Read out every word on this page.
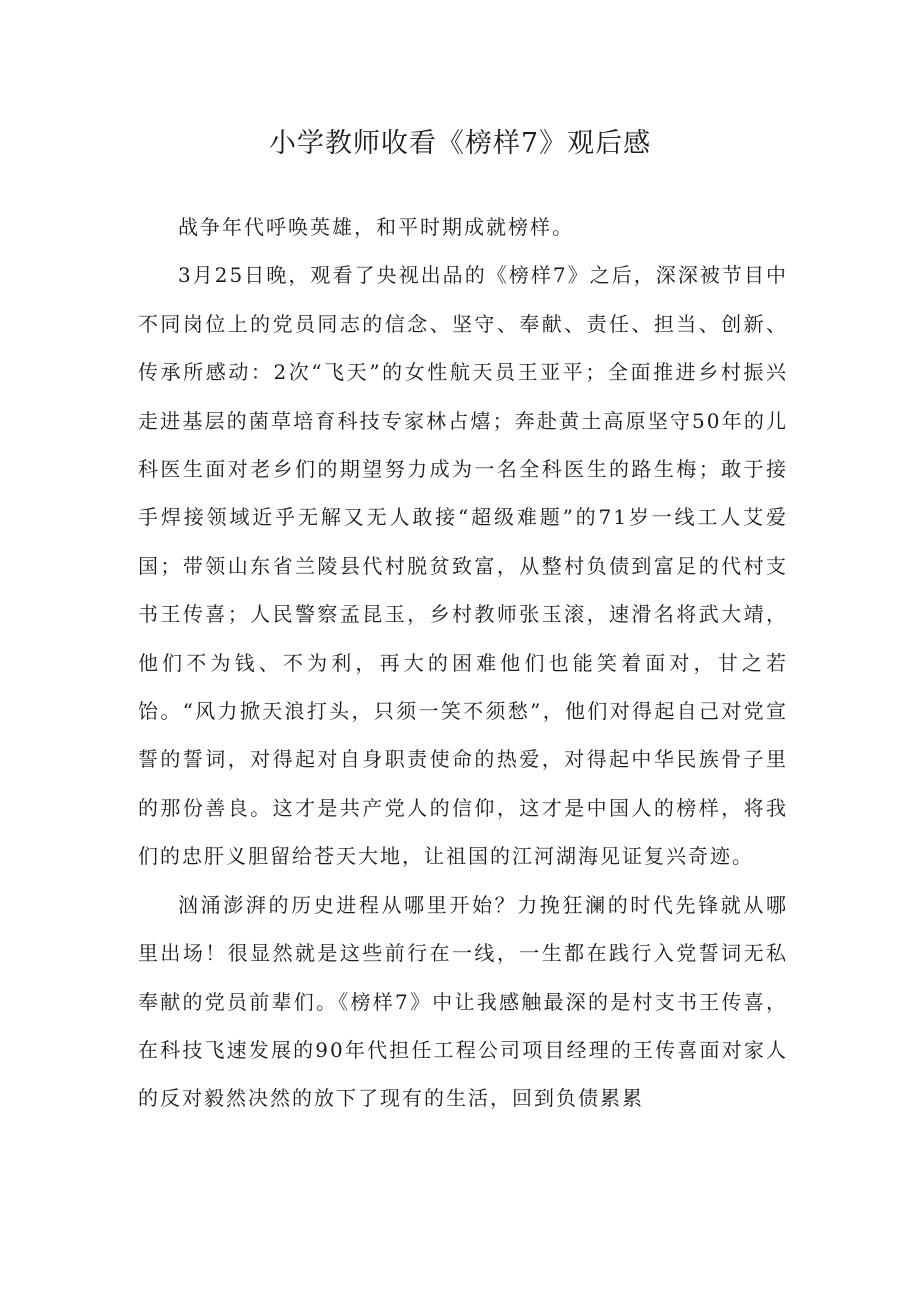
小学教师收看《榜样7》观后感

战争年代呼唤英雄，和平时期成就榜样。

3月25日晚，观看了央视出品的《榜样7》之后，深深被节目中不同岗位上的党员同志的信念、坚守、奉献、责任、担当、创新、传承所感动：2次“飞天”的女性航天员王亚平；全面推进乡村振兴走进基层的菌草培育科技专家林占熺；奔赴黄土高原坚守50年的儿科医生面对老乡们的期望努力成为一名全科医生的路生梅；敢于接手焊接领域近乎无解又无人敢接“超级难题”的71岁一线工人艾爱国；带领山东省兰陵县代村脱贫致富，从整村负债到富足的代村支书王传喜；人民警察孟昆玉，乡村教师张玉滚，速滑名将武大靖，他们不为钱、不为利，再大的困难他们也能笑着面对，甘之若饴。“风力掀天浪打头，只须一笑不须愁”，他们对得起自己对党宣誓的誓词，对得起对自身职责使命的热爱，对得起中华民族骨子里的那份善良。这才是共产党人的信仰，这才是中国人的榜样，将我们的忠肝义胆留给苍天大地，让祖国的江河湖海见证复兴奇迹。

汹涌澎湃的历史进程从哪里开始？力挽狂澜的时代先锋就从哪里出场！很显然就是这些前行在一线，一生都在践行入党誓词无私奉献的党员前辈们。《榜样7》中让我感触最深的是村支书王传喜，在科技飞速发展的90年代担任工程公司项目经理的王传喜面对家人的反对毅然决然的放下了现有的生活，回到负债累累
